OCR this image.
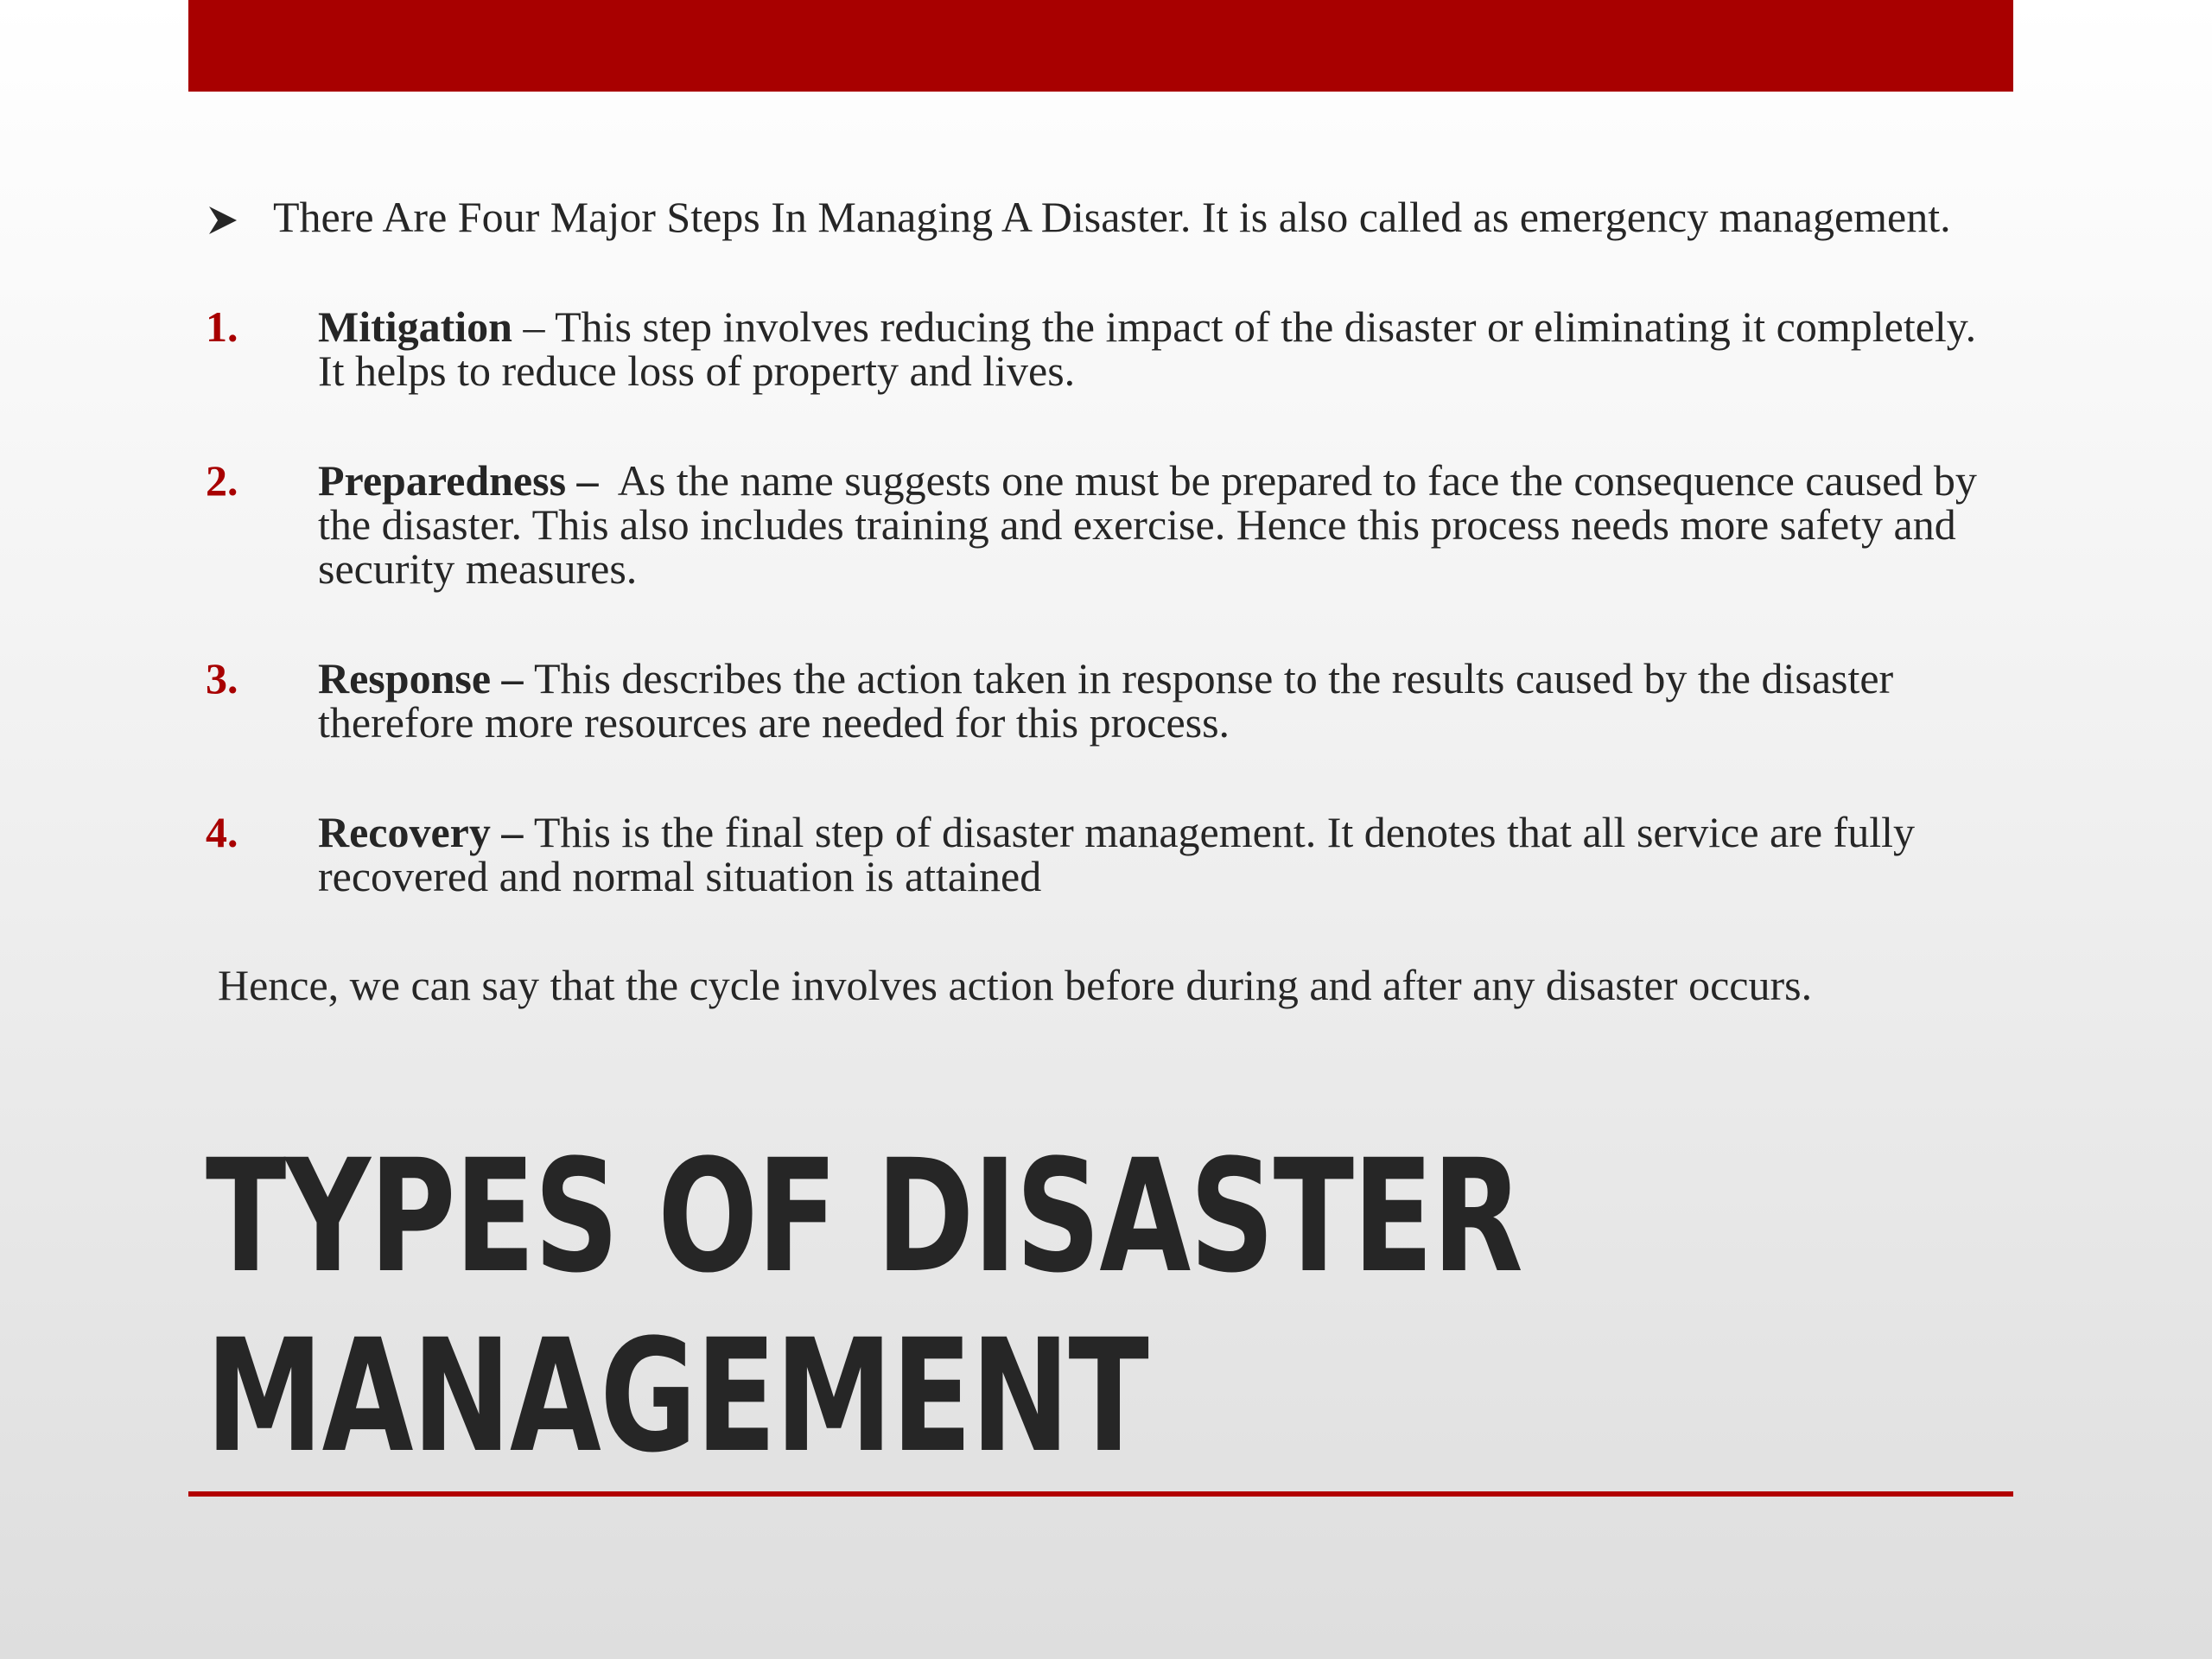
There Are Four Major Steps In Managing A Disaster. It is also called as emergency management.
1.	Mitigation – This step involves reducing the impact of the disaster or eliminating it completely. It helps to reduce loss of property and lives.
2.	Preparedness – As the name suggests one must be prepared to face the consequence caused by the disaster. This also includes training and exercise. Hence this process needs more safety and security measures.
3.	Response – This describes the action taken in response to the results caused by the disaster therefore more resources are needed for this process.
4.	Recovery – This is the final step of disaster management. It denotes that all service are fully recovered and normal situation is attained
Hence, we can say that the cycle involves action before during and after any disaster occurs.
TYPES OF DISASTER
MANAGEMENT
